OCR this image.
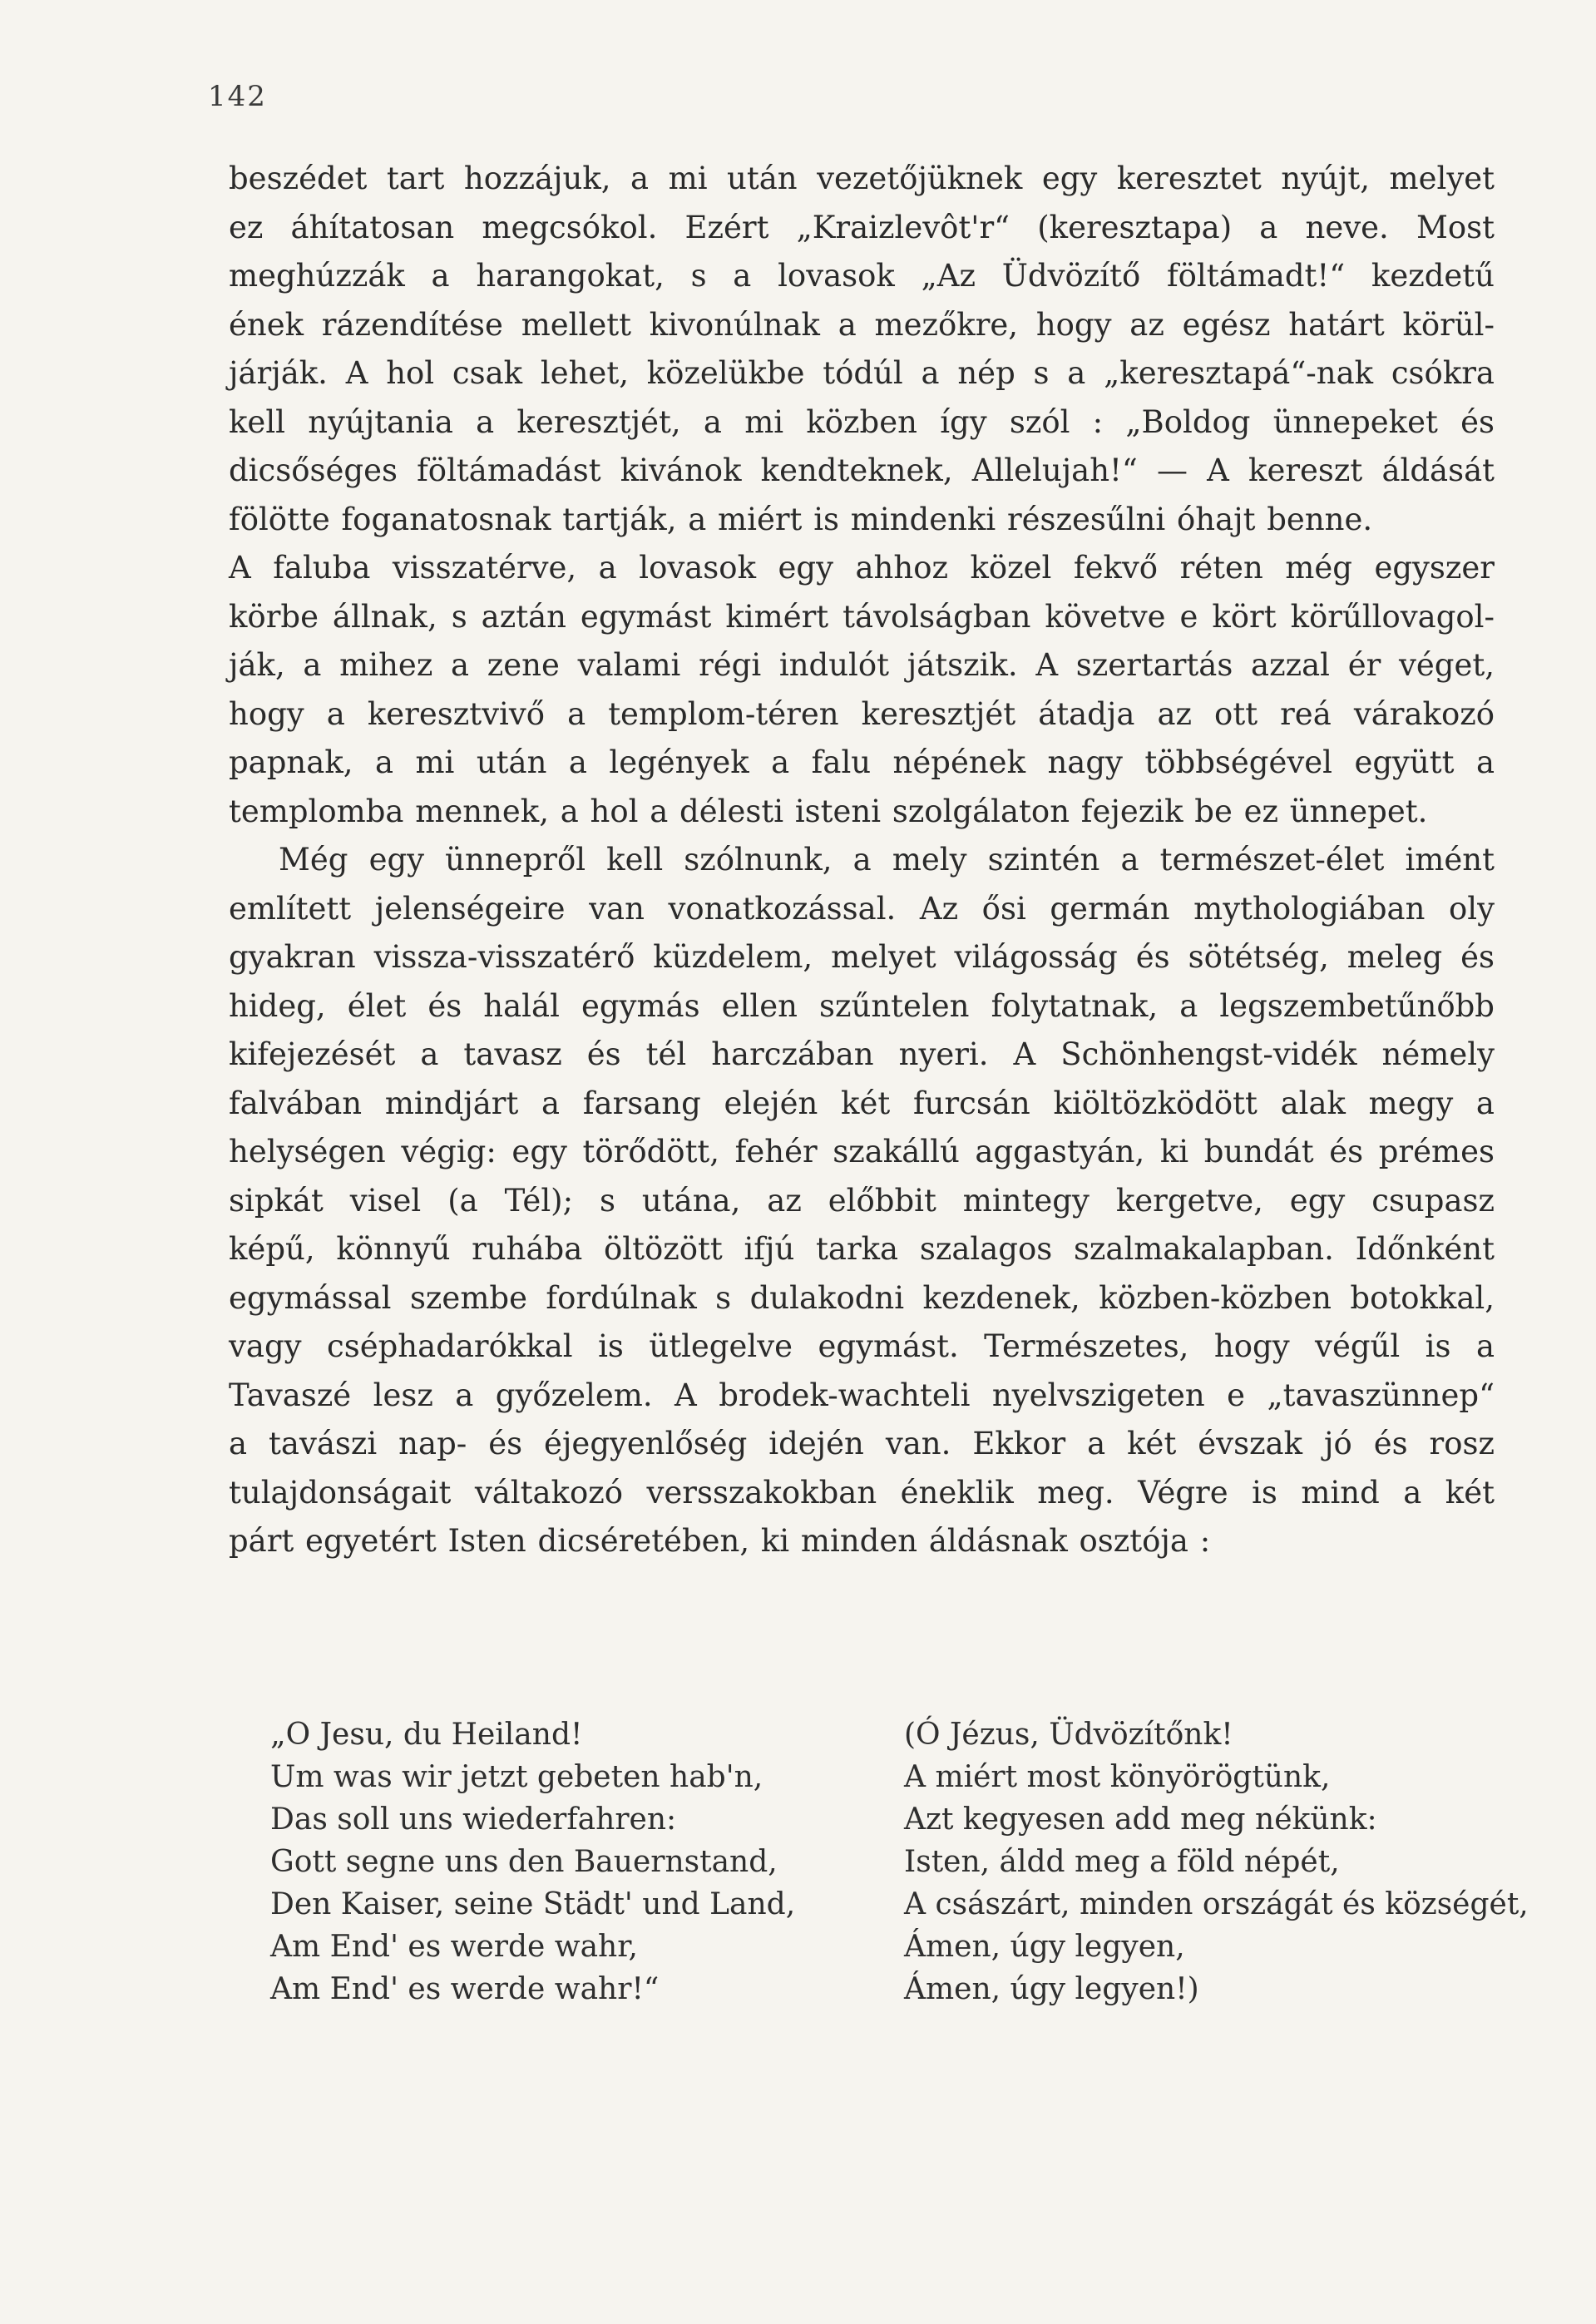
142

beszédet tart hozzájuk, a mi után vezetőjüknek egy keresztet nyújt, melyet

ez áhítatosan megcsókol. Ezért „Kraizlevôt'r“ (keresztapa) a neve. Most

meghúzzák a harangokat, s a lovasok „Az Üdvözítő föltámadt!“ kezdetű

ének rázendítése mellett kivonúlnak a mezőkre, hogy az egész határt körül-

járják. A hol csak lehet, közelükbe tódúl a nép s a „keresztapá“-nak csókra

kell nyújtania a keresztjét, a mi közben így szól : „Boldog ünnepeket és

dicsőséges föltámadást kivánok kendteknek, Allelujah!“ — A kereszt áldását

fölötte foganatosnak tartják, a miért is mindenki részesűlni óhajt benne.

A faluba visszatérve, a lovasok egy ahhoz közel fekvő réten még egyszer

körbe állnak, s aztán egymást kimért távolságban követve e kört körűllovagol-

ják, a mihez a zene valami régi indulót játszik. A szertartás azzal ér véget,

hogy a keresztvivő a templom-téren keresztjét átadja az ott reá várakozó

papnak, a mi után a legények a falu népének nagy többségével együtt a

templomba mennek, a hol a délesti isteni szolgálaton fejezik be ez ünnepet.

Még egy ünnepről kell szólnunk, a mely szintén a természet-élet imént

említett jelenségeire van vonatkozással. Az ősi germán mythologiában oly

gyakran vissza-visszatérő küzdelem, melyet világosság és sötétség, meleg és

hideg, élet és halál egymás ellen szűntelen folytatnak, a legszembetűnőbb

kifejezését a tavasz és tél harczában nyeri. A Schönhengst-vidék némely

falvában mindjárt a farsang elején két furcsán kiöltözködött alak megy a

helységen végig: egy törődött, fehér szakállú aggastyán, ki bundát és prémes

sipkát visel (a Tél); s utána, az előbbit mintegy kergetve, egy csupasz

képű, könnyű ruhába öltözött ifjú tarka szalagos szalmakalapban. Időnként

egymással szembe fordúlnak s dulakodni kezdenek, közben-közben botokkal,

vagy cséphadarókkal is ütlegelve egymást. Természetes, hogy végűl is a

Tavaszé lesz a győzelem. A brodek-wachteli nyelvszigeten e „tavaszünnep“

a tavászi nap- és éjegyenlőség idején van. Ekkor a két évszak jó és rosz

tulajdonságait váltakozó versszakokban éneklik meg. Végre is mind a két

párt egyetért Isten dicséretében, ki minden áldásnak osztója :

„O Jesu, du Heiland!
Um was wir jetzt gebeten hab'n,
Das soll uns wiederfahren:
Gott segne uns den Bauernstand,
Den Kaiser, seine Städt' und Land,
Am End' es werde wahr,
Am End' es werde wahr!“
(Ó Jézus, Üdvözítőnk!
A miért most könyörögtünk,
Azt kegyesen add meg nékünk:
Isten, áldd meg a föld népét,
A császárt, minden országát és községét,
Ámen, úgy legyen,
Ámen, úgy legyen!)
